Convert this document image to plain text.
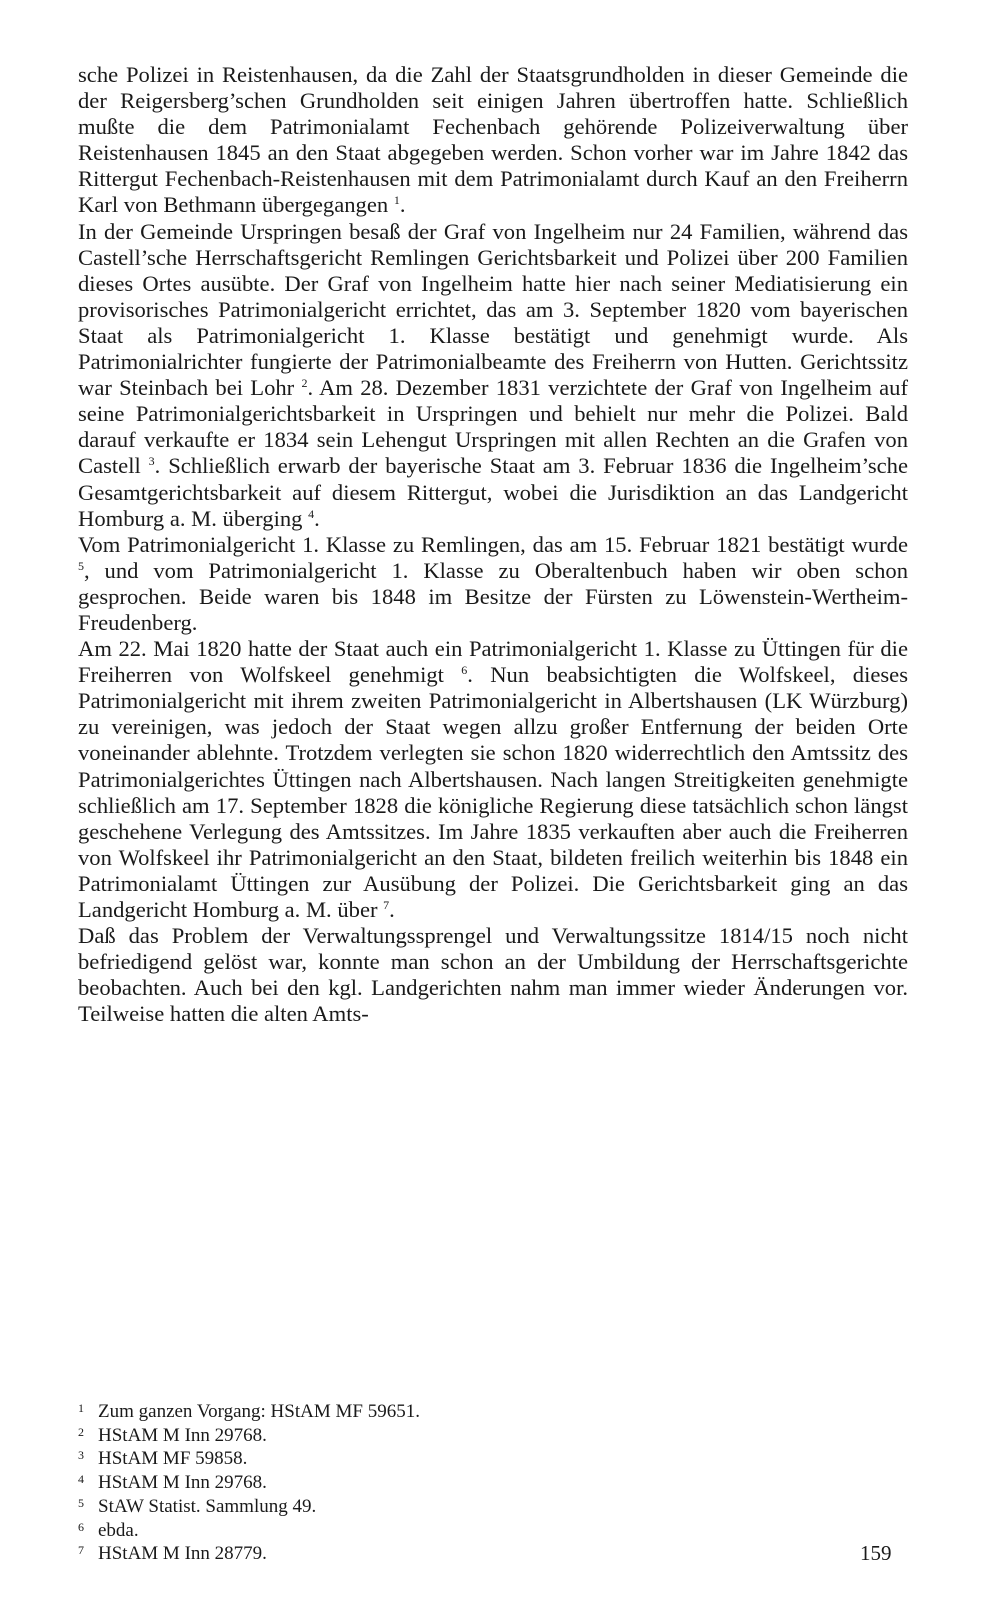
sche Polizei in Reistenhausen, da die Zahl der Staatsgrundholden in dieser Gemeinde die der Reigersberg’schen Grundholden seit einigen Jahren übertroffen hatte. Schließlich mußte die dem Patrimonialamt Fechenbach gehörende Polizeiverwaltung über Reistenhausen 1845 an den Staat abgegeben werden. Schon vorher war im Jahre 1842 das Rittergut Fechenbach-Reistenhausen mit dem Patrimonialamt durch Kauf an den Freiherrn Karl von Bethmann übergegangen $^1$.

In der Gemeinde Urspringen besaß der Graf von Ingelheim nur 24 Familien, während das Castell’sche Herrschaftsgericht Remlingen Gerichtsbarkeit und Polizei über 200 Familien dieses Ortes ausübte. Der Graf von Ingelheim hatte hier nach seiner Mediatisierung ein provisorisches Patrimonialgericht errichtet, das am 3. September 1820 vom bayerischen Staat als Patrimonialgericht 1. Klasse bestätigt und genehmigt wurde. Als Patrimonialrichter fungierte der Patrimonialbeamte des Freiherrn von Hutten. Gerichtssitz war Steinbach bei Lohr $^2$. Am 28. Dezember 1831 verzichtete der Graf von Ingelheim auf seine Patrimonialgerichtsbarkeit in Urspringen und behielt nur mehr die Polizei. Bald darauf verkaufte er 1834 sein Lehengut Urspringen mit allen Rechten an die Grafen von Castell $^3$. Schließlich erwarb der bayerische Staat am 3. Februar 1836 die Ingelheim’sche Gesamtgerichtsbarkeit auf diesem Rittergut, wobei die Jurisdiktion an das Landgericht Homburg a. M. überging $^4$.

Vom Patrimonialgericht 1. Klasse zu Remlingen, das am 15. Februar 1821 bestätigt wurde $^5$, und vom Patrimonialgericht 1. Klasse zu Oberaltenbuch haben wir oben schon gesprochen. Beide waren bis 1848 im Besitze der Fürsten zu Löwenstein-Wertheim-Freudenberg.

Am 22. Mai 1820 hatte der Staat auch ein Patrimonialgericht 1. Klasse zu Üttingen für die Freiherren von Wolfskeel genehmigt $^6$. Nun beabsichtigten die Wolfskeel, dieses Patrimonialgericht mit ihrem zweiten Patrimonialgericht in Albertshausen (LK Würzburg) zu vereinigen, was jedoch der Staat wegen allzu großer Entfernung der beiden Orte voneinander ablehnte. Trotzdem verlegten sie schon 1820 widerrechtlich den Amtssitz des Patrimonialgerichtes Üttingen nach Albertshausen. Nach langen Streitigkeiten genehmigte schließlich am 17. September 1828 die königliche Regierung diese tatsächlich schon längst geschehene Verlegung des Amtssitzes. Im Jahre 1835 verkauften aber auch die Freiherren von Wolfskeel ihr Patrimonialgericht an den Staat, bildeten freilich weiterhin bis 1848 ein Patrimonialamt Üttingen zur Ausübung der Polizei. Die Gerichtsbarkeit ging an das Landgericht Homburg a. M. über $^7$.

Daß das Problem der Verwaltungssprengel und Verwaltungssitze 1814/15 noch nicht befriedigend gelöst war, konnte man schon an der Umbildung der Herrschaftsgerichte beobachten. Auch bei den kgl. Landgerichten nahm man immer wieder Änderungen vor. Teilweise hatten die alten Amts-

1 Zum ganzen Vorgang: HStAM MF 59651.

2 HStAM M Inn 29768.

3 HStAM MF 59858.

4 HStAM M Inn 29768.

5 StAW Statist. Sammlung 49.

6 ebda.

7 HStAM M Inn 28779.	159
